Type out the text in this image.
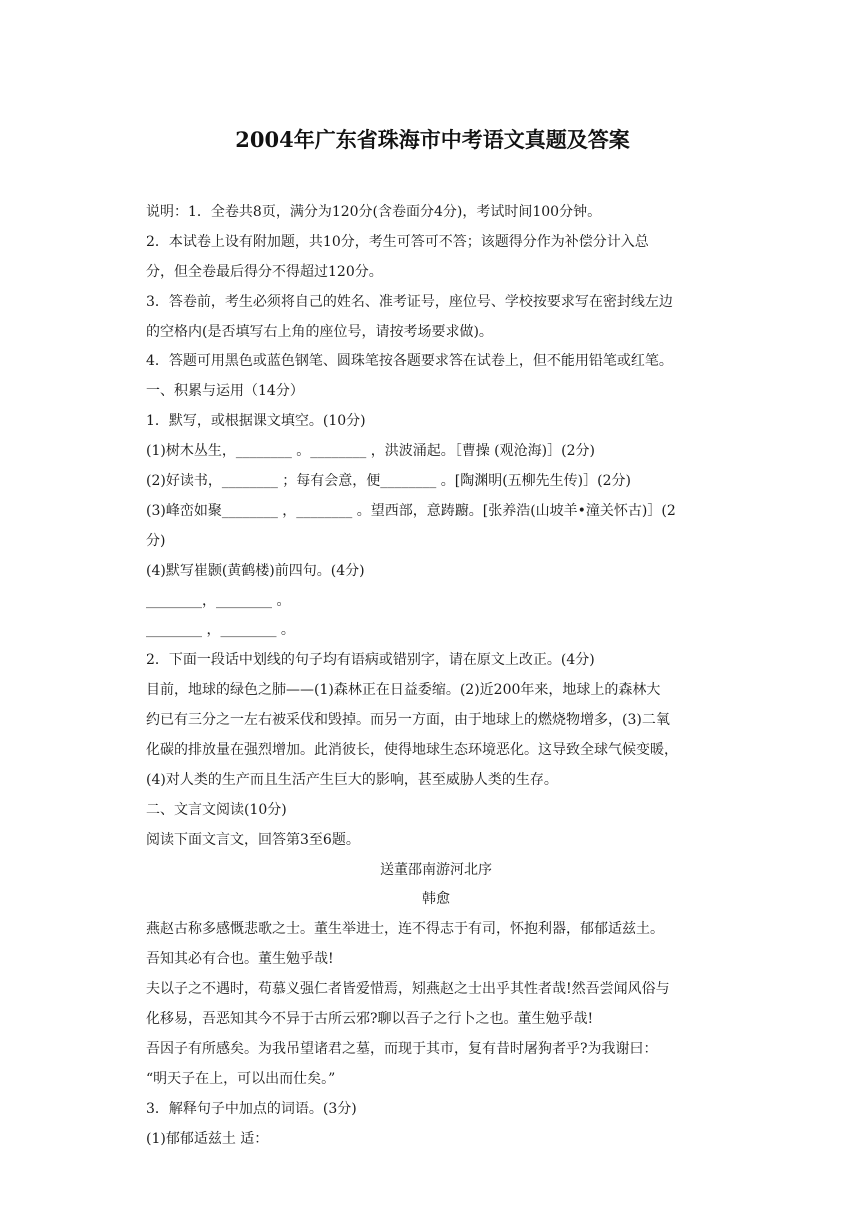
2004年广东省珠海市中考语文真题及答案
说明：1．全卷共8页，满分为120分(含卷面分4分)，考试时间100分钟。
2．本试卷上设有附加题，共10分，考生可答可不答；该题得分作为补偿分计入总
分，但全卷最后得分不得超过120分。
3．答卷前，考生必须将自己的姓名、准考证号，座位号、学校按要求写在密封线左边
的空格内(是否填写右上角的座位号，请按考场要求做)。
4．答题可用黑色或蓝色钢笔、圆珠笔按各题要求答在试卷上，但不能用铅笔或红笔。
一、积累与运用（14分）
1．默写，或根据课文填空。(10分)
(1)树木丛生，________ 。________ ，洪波涌起。［曹操 (观沧海)］(2分)
(2)好读书，________ ；每有会意，便________ 。[陶渊明(五柳先生传)］(2分)
(3)峰峦如聚________ ，________ 。望西部，意踌躕。[张养浩(山坡羊•潼关怀古)］(2
分)
(4)默写崔颢(黄鹤楼)前四句。(4分)
________，________ 。
________ ，________ 。
2．下面一段话中划线的句子均有语病或错别字，请在原文上改正。(4分)
目前，地球的绿色之肺——(1)森林正在日益委缩。(2)近200年来，地球上的森林大
约已有三分之一左右被采伐和毁掉。而另一方面，由于地球上的燃烧物增多，(3)二氧
化碳的排放量在强烈增加。此消彼长，使得地球生态环境恶化。这导致全球气候变暖，
(4)对人类的生产而且生活产生巨大的影响，甚至威胁人类的生存。
二、文言文阅读(10分)
阅读下面文言文，回答第3至6题。
送董邵南游河北序
韩愈
燕赵古称多感慨悲歌之士。董生举进士，连不得志于有司，怀抱利器，郁郁适兹土。
吾知其必有合也。董生勉乎哉!
夫以子之不遇时，苟慕义强仁者皆爱惜焉，矧燕赵之士出乎其性者哉!然吾尝闻风俗与
化移易，吾恶知其今不异于古所云邪?聊以吾子之行卜之也。董生勉乎哉!
吾因子有所感矣。为我吊望诸君之墓，而现于其市，复有昔时屠狗者乎?为我谢曰：
“明天子在上，可以出而仕矣。”
3．解释句子中加点的词语。(3分)
(1)郁郁适兹土 适：
